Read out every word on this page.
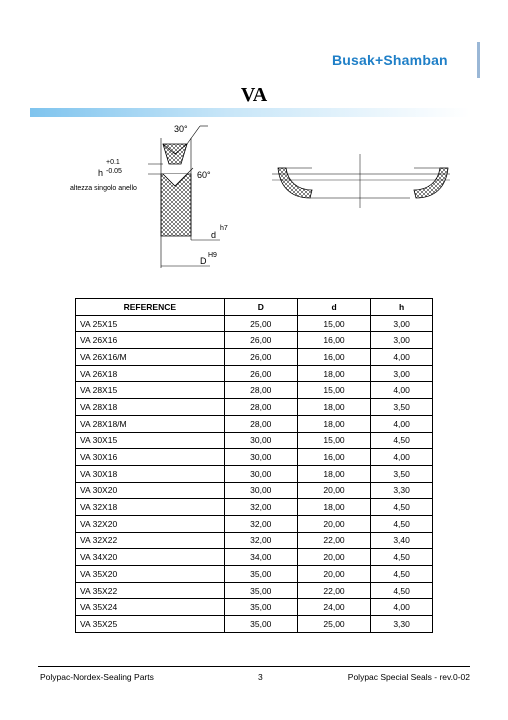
Busak+Shamban
VA
30°
60°
h
+0.1
-0.05
altezza singolo anello
d
h7
D
H9
REFERENCE	D	d	h
VA 25X15	25,00	15,00	3,00
VA 26X16	26,00	16,00	3,00
VA 26X16/M	26,00	16,00	4,00
VA 26X18	26,00	18,00	3,00
VA 28X15	28,00	15,00	4,00
VA 28X18	28,00	18,00	3,50
VA 28X18/M	28,00	18,00	4,00
VA 30X15	30,00	15,00	4,50
VA 30X16	30,00	16,00	4,00
VA 30X18	30,00	18,00	3,50
VA 30X20	30,00	20,00	3,30
VA 32X18	32,00	18,00	4,50
VA 32X20	32,00	20,00	4,50
VA 32X22	32,00	22,00	3,40
VA 34X20	34,00	20,00	4,50
VA 35X20	35,00	20,00	4,50
VA 35X22	35,00	22,00	4,50
VA 35X24	35,00	24,00	4,00
VA 35X25	35,00	25,00	3,30
Polypac-Nordex-Sealing Parts	3	Polypac Special Seals - rev.0-02
